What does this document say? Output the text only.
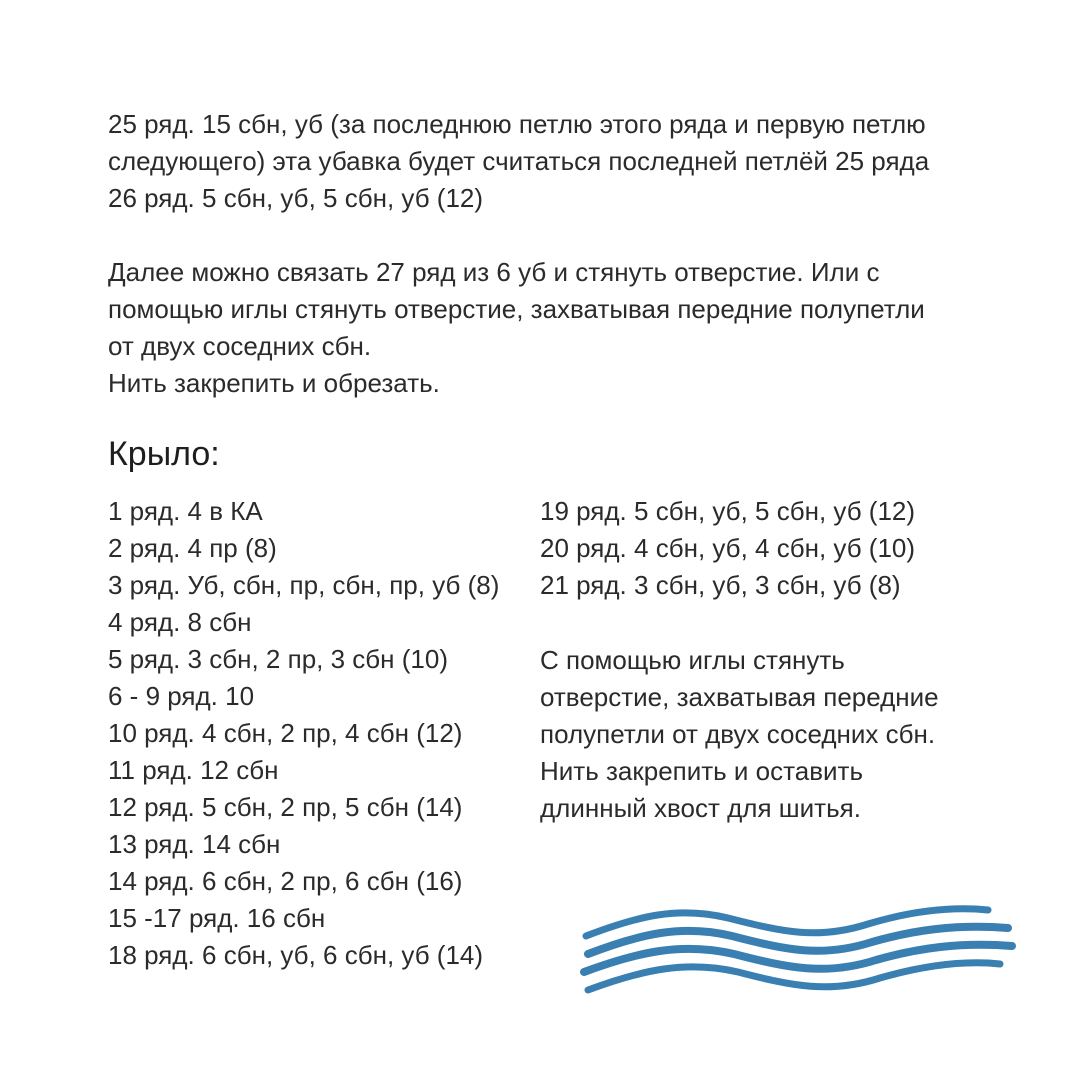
25 ряд. 15 сбн, уб (за последнюю петлю этого ряда и первую петлю
следующего) эта убавка будет считаться последней петлёй 25 ряда
26 ряд. 5 сбн, уб, 5 сбн, уб (12)
Далее можно связать 27 ряд из 6 уб и стянуть отверстие. Или с
помощью иглы стянуть отверстие, захватывая передние полупетли
от двух соседних сбн.
Нить закрепить и обрезать.
Крыло:
1 ряд. 4 в КА
2 ряд. 4 пр (8)
3 ряд. Уб, сбн, пр, сбн, пр, уб (8)
4 ряд. 8 сбн
5 ряд. 3 сбн, 2 пр, 3 сбн (10)
6 - 9 ряд. 10
10 ряд. 4 сбн, 2 пр, 4 сбн (12)
11 ряд. 12 сбн
12 ряд. 5 сбн, 2 пр, 5 сбн (14)
13 ряд. 14 сбн
14 ряд. 6 сбн, 2 пр, 6 сбн (16)
15 -17 ряд. 16 сбн
18 ряд. 6 сбн, уб, 6 сбн, уб (14)
19 ряд. 5 сбн, уб, 5 сбн, уб (12)
20 ряд. 4 сбн, уб, 4 сбн, уб (10)
21 ряд. 3 сбн, уб, 3 сбн, уб (8)
С помощью иглы стянуть
отверстие, захватывая передние
полупетли от двух соседних сбн.
Нить закрепить и оставить
длинный хвост для шитья.
